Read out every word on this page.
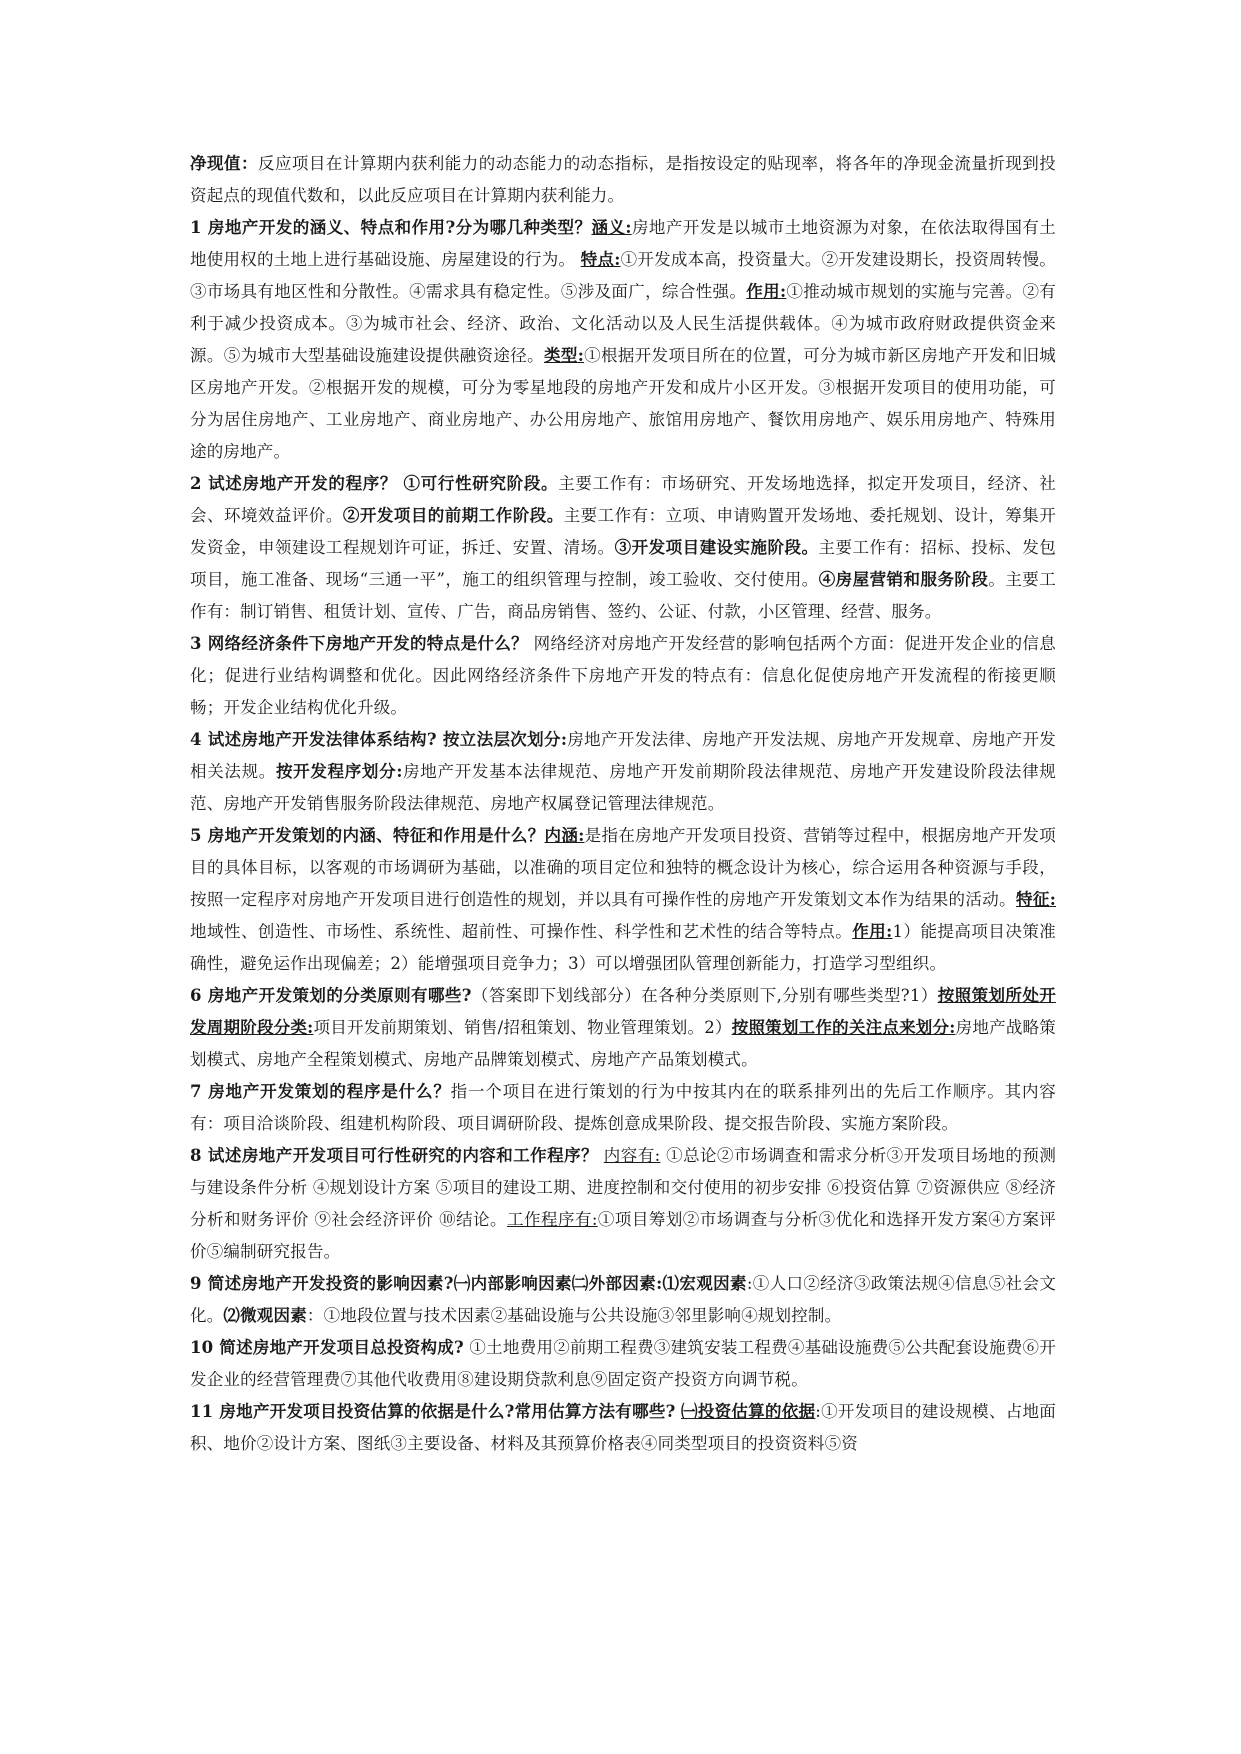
净现值：反应项目在计算期内获利能力的动态能力的动态指标，是指按设定的贴现率，将各年的净现金流量折现到投资起点的现值代数和，以此反应项目在计算期内获利能力。

1 房地产开发的涵义、特点和作用?分为哪几种类型？涵义:房地产开发是以城市土地资源为对象，在依法取得国有土地使用权的土地上进行基础设施、房屋建设的行为。 特点:①开发成本高，投资量大。②开发建设期长，投资周转慢。③市场具有地区性和分散性。④需求具有稳定性。⑤涉及面广，综合性强。作用:①推动城市规划的实施与完善。②有利于减少投资成本。③为城市社会、经济、政治、文化活动以及人民生活提供载体。④为城市政府财政提供资金来源。⑤为城市大型基础设施建设提供融资途径。类型:①根据开发项目所在的位置，可分为城市新区房地产开发和旧城区房地产开发。②根据开发的规模，可分为零星地段的房地产开发和成片小区开发。③根据开发项目的使用功能，可分为居住房地产、工业房地产、商业房地产、办公用房地产、旅馆用房地产、餐饮用房地产、娱乐用房地产、特殊用途的房地产。

2 试述房地产开发的程序？ ①可行性研究阶段。主要工作有：市场研究、开发场地选择，拟定开发项目，经济、社会、环境效益评价。②开发项目的前期工作阶段。主要工作有：立项、申请购置开发场地、委托规划、设计，筹集开发资金，申领建设工程规划许可证，拆迁、安置、清场。③开发项目建设实施阶段。主要工作有：招标、投标、发包项目，施工准备、现场“三通一平”，施工的组织管理与控制，竣工验收、交付使用。④房屋营销和服务阶段。主要工作有：制订销售、租赁计划、宣传、广告，商品房销售、签约、公证、付款，小区管理、经营、服务。

3 网络经济条件下房地产开发的特点是什么？ 网络经济对房地产开发经营的影响包括两个方面：促进开发企业的信息化；促进行业结构调整和优化。因此网络经济条件下房地产开发的特点有：信息化促使房地产开发流程的衔接更顺畅；开发企业结构优化升级。

4 试述房地产开发法律体系结构? 按立法层次划分:房地产开发法律、房地产开发法规、房地产开发规章、房地产开发相关法规。按开发程序划分:房地产开发基本法律规范、房地产开发前期阶段法律规范、房地产开发建设阶段法律规范、房地产开发销售服务阶段法律规范、房地产权属登记管理法律规范。

5 房地产开发策划的内涵、特征和作用是什么？内涵:是指在房地产开发项目投资、营销等过程中，根据房地产开发项目的具体目标，以客观的市场调研为基础，以准确的项目定位和独特的概念设计为核心，综合运用各种资源与手段，按照一定程序对房地产开发项目进行创造性的规划，并以具有可操作性的房地产开发策划文本作为结果的活动。特征:地域性、创造性、市场性、系统性、超前性、可操作性、科学性和艺术性的结合等特点。作用:1）能提高项目决策准确性，避免运作出现偏差；2）能增强项目竞争力；3）可以增强团队管理创新能力，打造学习型组织。

6 房地产开发策划的分类原则有哪些?（答案即下划线部分）在各种分类原则下,分别有哪些类型?1）按照策划所处开发周期阶段分类:项目开发前期策划、销售/招租策划、物业管理策划。2）按照策划工作的关注点来划分:房地产战略策划模式、房地产全程策划模式、房地产品牌策划模式、房地产产品策划模式。

7 房地产开发策划的程序是什么？指一个项目在进行策划的行为中按其内在的联系排列出的先后工作顺序。其内容有：项目洽谈阶段、组建机构阶段、项目调研阶段、提炼创意成果阶段、提交报告阶段、实施方案阶段。

8 试述房地产开发项目可行性研究的内容和工作程序？ 内容有: ①总论②市场调查和需求分析③开发项目场地的预测与建设条件分析 ④规划设计方案 ⑤项目的建设工期、进度控制和交付使用的初步安排 ⑥投资估算 ⑦资源供应 ⑧经济分析和财务评价 ⑨社会经济评价 ⑩结论。工作程序有:①项目筹划②市场调查与分析③优化和选择开发方案④方案评价⑤编制研究报告。

9 简述房地产开发投资的影响因素?㈠内部影响因素㈡外部因素:⑴宏观因素:①人口②经济③政策法规④信息⑤社会文化。⑵微观因素：①地段位置与技术因素②基础设施与公共设施③邻里影响④规划控制。

10 简述房地产开发项目总投资构成? ①土地费用②前期工程费③建筑安装工程费④基础设施费⑤公共配套设施费⑥开发企业的经营管理费⑦其他代收费用⑧建设期贷款利息⑨固定资产投资方向调节税。

11 房地产开发项目投资估算的依据是什么?常用估算方法有哪些? ㈠投资估算的依据:①开发项目的建设规模、占地面积、地价②设计方案、图纸③主要设备、材料及其预算价格表④同类型项目的投资资料⑤资
